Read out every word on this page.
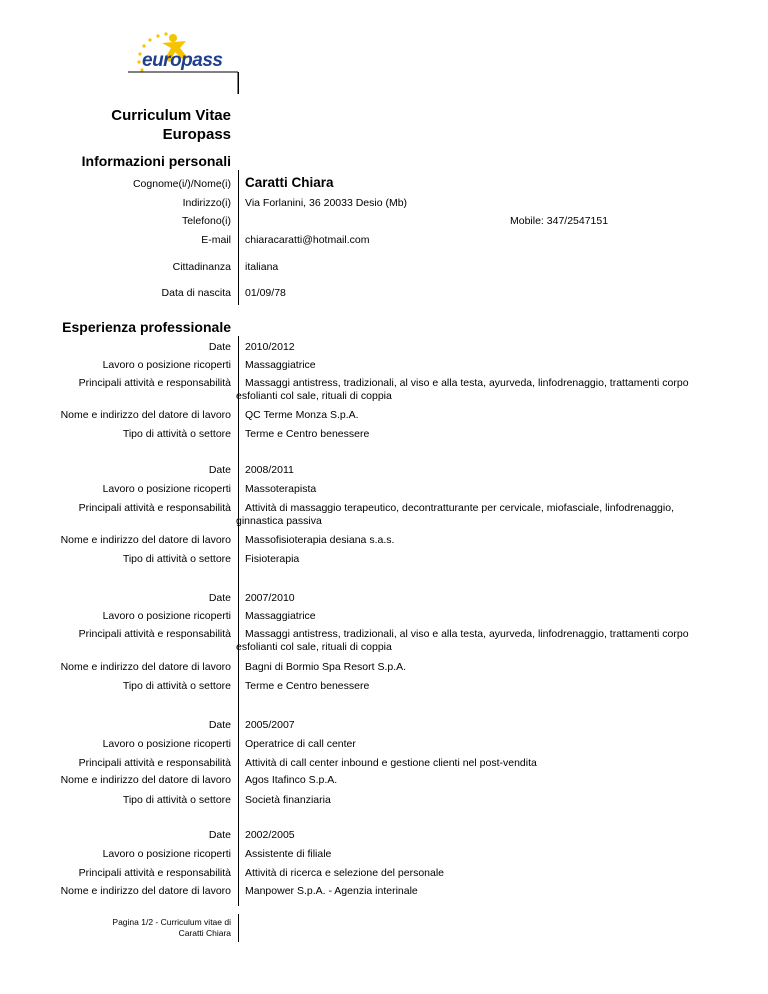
europass
Curriculum Vitae
Europass
Informazioni personali
Cognome(i/)/Nome(i) Caratti Chiara
Indirizzo(i) Via Forlanini, 36 20033 Desio (Mb)
Telefono(i)	Mobile: 347/2547151
E-mail chiaracaratti@hotmail.com
Cittadinanza italiana
Data di nascita 01/09/78
Esperienza professionale
Date 2010/2012
Lavoro o posizione ricoperti Massaggiatrice
Principali attività e responsabilità Massaggi antistress, tradizionali, al viso e alla testa, ayurveda, linfodrenaggio, trattamenti corpo
esfolianti col sale, rituali di coppia
Nome e indirizzo del datore di lavoro QC Terme Monza S.p.A.
Tipo di attività o settore Terme e Centro benessere
Date 2008/2011
Lavoro o posizione ricoperti Massoterapista
Principali attività e responsabilità Attività di massaggio terapeutico, decontratturante per cervicale, miofasciale, linfodrenaggio,
ginnastica passiva
Nome e indirizzo del datore di lavoro Massofisioterapia desiana s.a.s.
Tipo di attività o settore Fisioterapia
Date 2007/2010
Lavoro o posizione ricoperti Massaggiatrice
Principali attività e responsabilità Massaggi antistress, tradizionali, al viso e alla testa, ayurveda, linfodrenaggio, trattamenti corpo
esfolianti col sale, rituali di coppia
Nome e indirizzo del datore di lavoro Bagni di Bormio Spa Resort S.p.A.
Tipo di attività o settore Terme e Centro benessere
Date 2005/2007
Lavoro o posizione ricoperti Operatrice di call center
Principali attività e responsabilità Attività di call center inbound e gestione clienti nel post-vendita
Nome e indirizzo del datore di lavoro Agos Itafinco S.p.A.
Tipo di attività o settore Società finanziaria
Date 2002/2005
Lavoro o posizione ricoperti Assistente di filiale
Principali attività e responsabilità Attività di ricerca e selezione del personale
Nome e indirizzo del datore di lavoro Manpower S.p.A. - Agenzia interinale
Pagina 1/2 - Curriculum vitae di
Caratti Chiara
